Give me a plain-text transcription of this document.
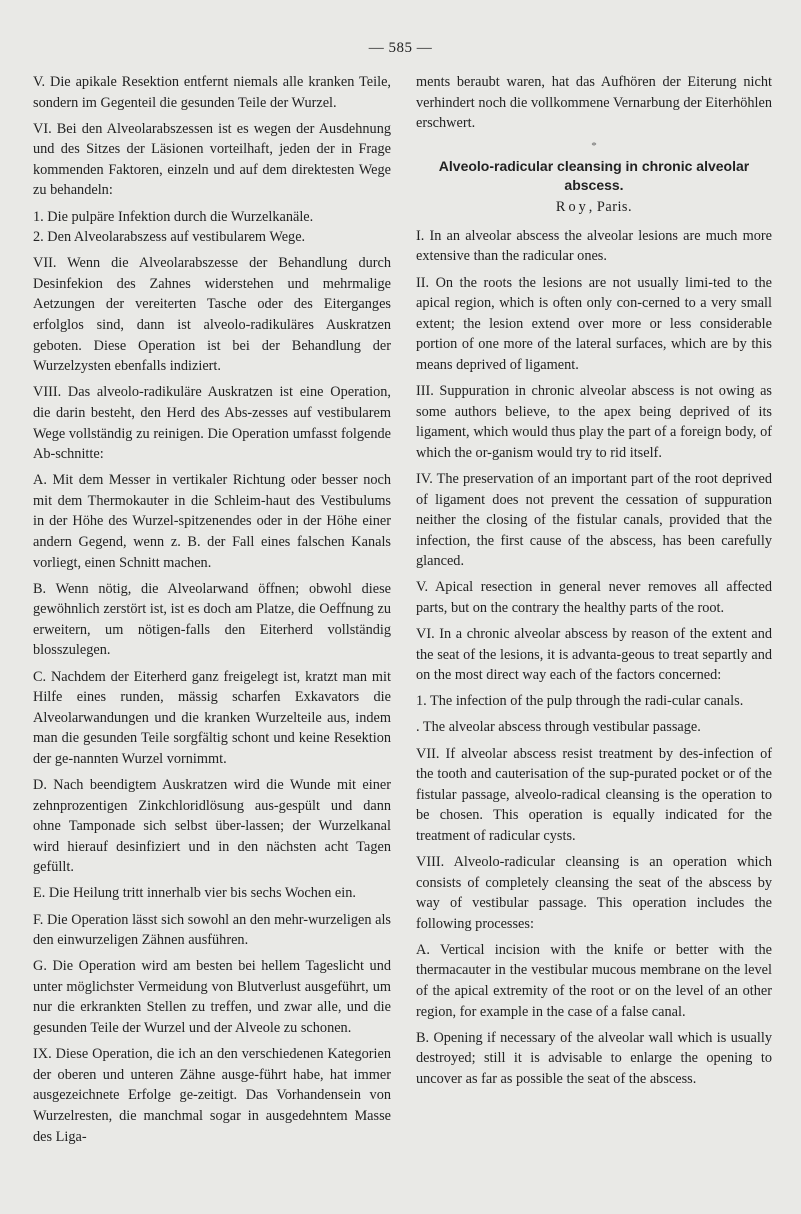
— 585 —

V. Die apikale Resektion entfernt niemals alle kranken Teile, sondern im Gegenteil die gesunden Teile der Wurzel.

VI. Bei den Alveolarabszessen ist es wegen der Ausdehnung und des Sitzes der Läsionen vorteilhaft, jeden der in Frage kommenden Faktoren, einzeln und auf dem direktesten Wege zu behandeln:

1. Die pulpäre Infektion durch die Wurzelkanäle.

2. Den Alveolarabszess auf vestibularem Wege.

VII. Wenn die Alveolarabszesse der Behandlung durch Desinfekion des Zahnes widerstehen und mehrmalige Aetzungen der vereiterten Tasche oder des Eiterganges erfolglos sind, dann ist alveolo-radikuläres Auskratzen geboten. Diese Operation ist bei der Behandlung der Wurzelzysten ebenfalls indiziert.

VIII. Das alveolo-radikuläre Auskratzen ist eine Operation, die darin besteht, den Herd des Abs-zesses auf vestibularem Wege vollständig zu reinigen. Die Operation umfasst folgende Ab-schnitte:

A. Mit dem Messer in vertikaler Richtung oder besser noch mit dem Thermokauter in die Schleim-haut des Vestibulums in der Höhe des Wurzel-spitzenendes oder in der Höhe einer andern Gegend, wenn z. B. der Fall eines falschen Kanals vorliegt, einen Schnitt machen.

B. Wenn nötig, die Alveolarwand öffnen; obwohl diese gewöhnlich zerstört ist, ist es doch am Platze, die Oeffnung zu erweitern, um nötigen-falls den Eiterherd vollständig blosszulegen.

C. Nachdem der Eiterherd ganz freigelegt ist, kratzt man mit Hilfe eines runden, mässig scharfen Exkavators die Alveolarwandungen und die kranken Wurzelteile aus, indem man die gesunden Teile sorgfältig schont und keine Resektion der ge-nannten Wurzel vornimmt.

D. Nach beendigtem Auskratzen wird die Wunde mit einer zehnprozentigen Zinkchloridlösung aus-gespült und dann ohne Tamponade sich selbst über-lassen; der Wurzelkanal wird hierauf desinfiziert und in den nächsten acht Tagen gefüllt.

E. Die Heilung tritt innerhalb vier bis sechs Wochen ein.

F. Die Operation lässt sich sowohl an den mehr-wurzeligen als den einwurzeligen Zähnen ausführen.

G. Die Operation wird am besten bei hellem Tageslicht und unter möglichster Vermeidung von Blutverlust ausgeführt, um nur die erkrankten Stellen zu treffen, und zwar alle, und die gesunden Teile der Wurzel und der Alveole zu schonen.

IX. Diese Operation, die ich an den verschiedenen Kategorien der oberen und unteren Zähne ausge-führt habe, hat immer ausgezeichnete Erfolge ge-zeitigt. Das Vorhandensein von Wurzelresten, die manchmal sogar in ausgedehntem Masse des Liga-

ments beraubt waren, hat das Aufhören der Eiterung nicht verhindert noch die vollkommene Vernarbung der Eiterhöhlen erschwert.

*
Alveolo-radicular cleansing in chronic alveolar abscess.
Roy, Paris.

I. In an alveolar abscess the alveolar lesions are much more extensive than the radicular ones.

II. On the roots the lesions are not usually limi-ted to the apical region, which is often only con-cerned to a very small extent; the lesion extend over more or less considerable portion of one more of the lateral surfaces, which are by this means deprived of ligament.

III. Suppuration in chronic alveolar abscess is not owing as some authors believe, to the apex being deprived of its ligament, which would thus play the part of a foreign body, of which the or-ganism would try to rid itself.

IV. The preservation of an important part of the root deprived of ligament does not prevent the cessation of suppuration neither the closing of the fistular canals, provided that the infection, the first cause of the abscess, has been carefully glanced.

V. Apical resection in general never removes all affected parts, but on the contrary the healthy parts of the root.

VI. In a chronic alveolar abscess by reason of the extent and the seat of the lesions, it is advanta-geous to treat separtly and on the most direct way each of the factors concerned:

1. The infection of the pulp through the radi-cular canals.

. The alveolar abscess through vestibular passage.

VII. If alveolar abscess resist treatment by des-infection of the tooth and cauterisation of the sup-purated pocket or of the fistular passage, alveolo-radical cleansing is the operation to be chosen. This operation is equally indicated for the treatment of radicular cysts.

VIII. Alveolo-radicular cleansing is an operation which consists of completely cleansing the seat of the abscess by way of vestibular passage. This operation includes the following processes:

A. Vertical incision with the knife or better with the thermacauter in the vestibular mucous membrane on the level of the apical extremity of the root or on the level of an other region, for example in the case of a false canal.

B. Opening if necessary of the alveolar wall which is usually destroyed; still it is advisable to enlarge the opening to uncover as far as possible the seat of the abscess.
